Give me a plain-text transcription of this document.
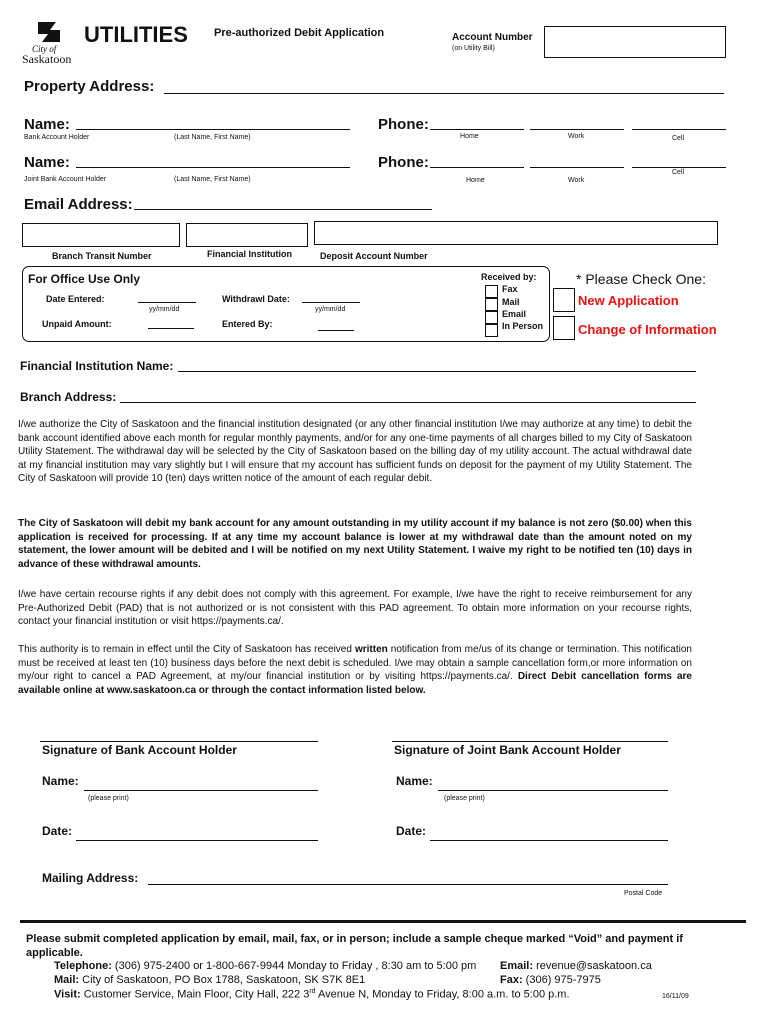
City of
Saskatoon
UTILITIES Pre-authorized Debit Application	Account Number
(on Utility Bill)
Property Address:
Name:
Bank Account Holder	(Last Name, First Name)
Phone:
Home	Work	Cell
Name:
Joint Bank Account Holder	(Last Name, First Name)
Phone:
Home	Work
Cell
Email Address:
Branch Transit Number	Financial Institution	Deposit Account Number
For Office Use Only
Date Entered:
yy/mm/dd
Withdrawl Date:
yy/mm/dd
Unpaid Amount:	Entered By:
Received by:
Fax
Mail
Email
In Person
* Please Check One:
New Application
Change of Information
Financial Institution Name:
Branch Address:

I/we authorize the City of Saskatoon and the financial institution designated (or any other financial institution I/we may authorize at any time) to debit the bank account identified above each month for regular monthly payments, and/or for any one-time payments of all charges billed to my City of Saskatoon Utility Statement. The withdrawal day will be selected by the City of Saskatoon based on the billing day of my utility account. The actual withdrawal date at my financial institution may vary slightly but I will ensure that my account has sufficient funds on deposit for the payment of my Utility Statement. The City of Saskatoon will provide 10 (ten) days written notice of the amount of each regular debit.

The City of Saskatoon will debit my bank account for any amount outstanding in my utility account if my balance is not zero ($0.00) when this application is received for processing. If at any time my account balance is lower at my withdrawal date than the amount noted on my statement, the lower amount will be debited and I will be notified on my next Utility Statement. I waive my right to be notified ten (10) days in advance of these withdrawal amounts.

I/we have certain recourse rights if any debit does not comply with this agreement. For example, I/we have the right to receive reimbursement for any Pre-Authorized Debit (PAD) that is not authorized or is not consistent with this PAD agreement. To obtain more information on your recourse rights, contact your financial institution or visit https://payments.ca/.

This authority is to remain in effect until the City of Saskatoon has received written notification from me/us of its change or termination. This notification must be received at least ten (10) business days before the next debit is scheduled. I/we may obtain a sample cancellation form,or more information on my/our right to cancel a PAD Agreement, at my/our financial institution or by visiting https://payments.ca/. Direct Debit cancellation forms are available online at www.saskatoon.ca or through the contact information listed below.

Signature of Bank Account Holder	Signature of Joint Bank Account Holder
Name:
(please print)
Name:
(please print)
Date:	Date:
Mailing Address:
Postal Code
Please submit completed application by email, mail, fax, or in person; include a sample cheque marked “Void” and payment if applicable.
Telephone: (306) 975-2400 or 1-800-667-9944 Monday to Friday , 8:30 am to 5:00 pm Email: revenue@saskatoon.ca
Mail: City of Saskatoon, PO Box 1788, Saskatoon, SK S7K 8E1	Fax: (306) 975-7975
Visit: Customer Service, Main Floor, City Hall, 222 3rd Avenue N, Monday to Friday, 8:00 a.m. to 5:00 p.m.	16/11/09
